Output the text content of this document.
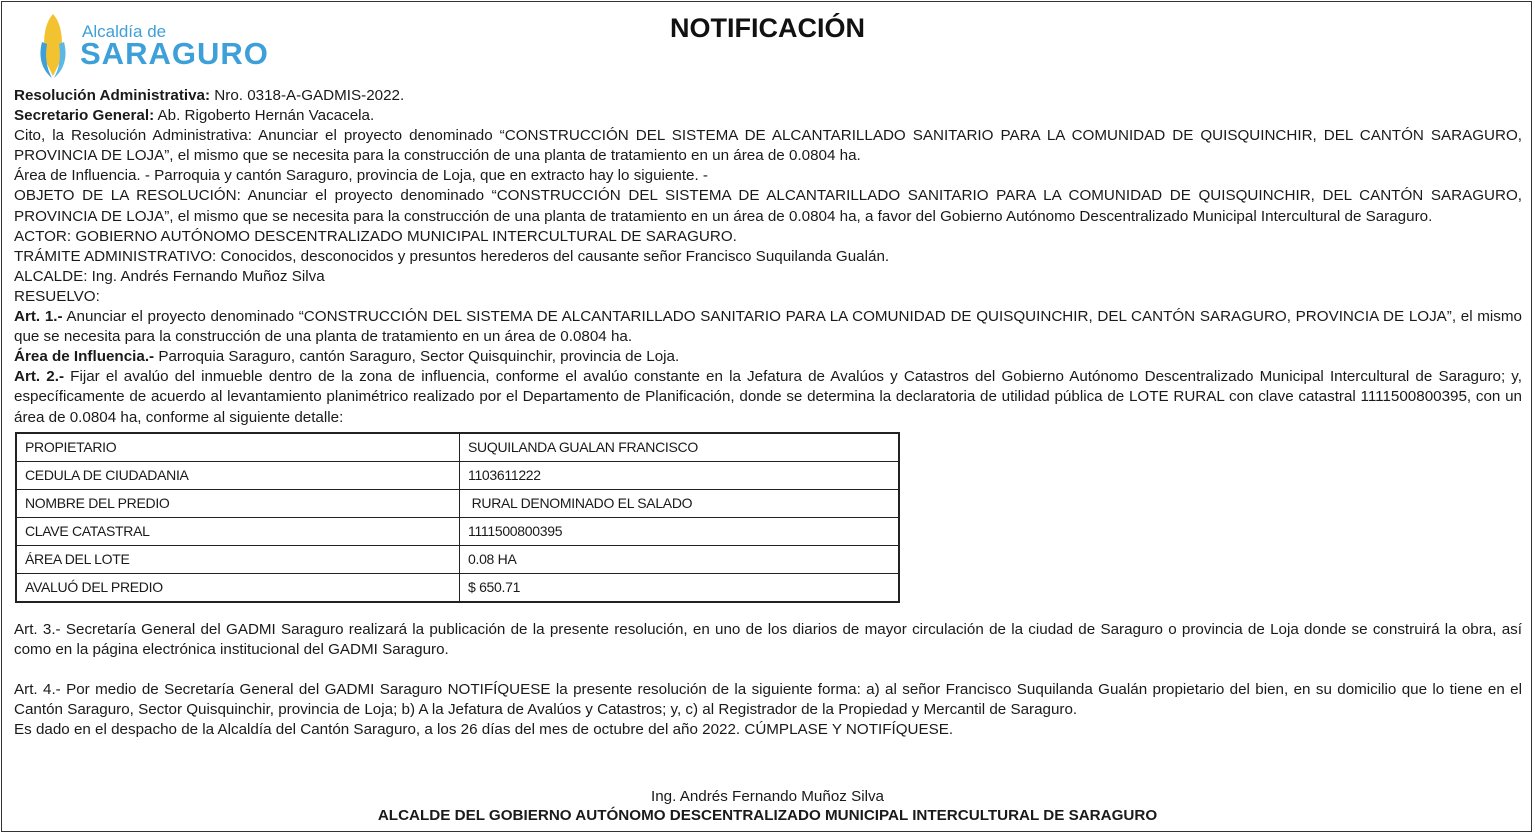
Alcaldía de
SARAGURO
NOTIFICACIÓN

Resolución Administrativa: Nro. 0318-A-GADMIS-2022.

Secretario General: Ab. Rigoberto Hernán Vacacela.

Cito, la Resolución Administrativa: Anunciar el proyecto denominado “CONSTRUCCIÓN DEL SISTEMA DE ALCANTARILLADO SANITARIO PARA LA COMUNIDAD DE QUISQUINCHIR, DEL CANTÓN SARAGURO, PROVINCIA DE LOJA”, el mismo que se necesita para la construcción de una planta de tratamiento en un área de 0.0804 ha.

Área de Influencia. - Parroquia y cantón Saraguro, provincia de Loja, que en extracto hay lo siguiente. -

OBJETO DE LA RESOLUCIÓN: Anunciar el proyecto denominado “CONSTRUCCIÓN DEL SISTEMA DE ALCANTARILLADO SANITARIO PARA LA COMUNIDAD DE QUISQUINCHIR, DEL CANTÓN SARAGURO, PROVINCIA DE LOJA”, el mismo que se necesita para la construcción de una planta de tratamiento en un área de 0.0804 ha, a favor del Gobierno Autónomo Descentralizado Municipal Intercultural de Saraguro.

ACTOR: GOBIERNO AUTÓNOMO DESCENTRALIZADO MUNICIPAL INTERCULTURAL DE SARAGURO.

TRÁMITE ADMINISTRATIVO: Conocidos, desconocidos y presuntos herederos del causante señor Francisco Suquilanda Gualán.

ALCALDE: Ing. Andrés Fernando Muñoz Silva

RESUELVO:

Art. 1.- Anunciar el proyecto denominado “CONSTRUCCIÓN DEL SISTEMA DE ALCANTARILLADO SANITARIO PARA LA COMUNIDAD DE QUISQUINCHIR, DEL CANTÓN SARAGURO, PROVINCIA DE LOJA”, el mismo que se necesita para la construcción de una planta de tratamiento en un área de 0.0804 ha.

Área de Influencia.- Parroquia Saraguro, cantón Saraguro, Sector Quisquinchir, provincia de Loja.

Art. 2.- Fijar el avalúo del inmueble dentro de la zona de influencia, conforme el avalúo constante en la Jefatura de Avalúos y Catastros del Gobierno Autónomo Descentralizado Municipal Intercultural de Saraguro; y, específicamente de acuerdo al levantamiento planimétrico realizado por el Departamento de Planificación, donde se determina la declaratoria de utilidad pública de LOTE RURAL con clave catastral 1111500800395, con un área de 0.0804 ha, conforme al siguiente detalle:

PROPIETARIO	SUQUILANDA GUALAN FRANCISCO
CEDULA DE CIUDADANIA	1103611222
NOMBRE DEL PREDIO	RURAL DENOMINADO EL SALADO
CLAVE CATASTRAL	1111500800395
ÁREA DEL LOTE	0.08 HA
AVALUÓ DEL PREDIO	$ 650.71

Art. 3.- Secretaría General del GADMI Saraguro realizará la publicación de la presente resolución, en uno de los diarios de mayor circulación de la ciudad de Saraguro o provincia de Loja donde se construirá la obra, así como en la página electrónica institucional del GADMI Saraguro.

Art. 4.- Por medio de Secretaría General del GADMI Saraguro NOTIFÍQUESE la presente resolución de la siguiente forma: a) al señor Francisco Suquilanda Gualán propietario del bien, en su domicilio que lo tiene en el Cantón Saraguro, Sector Quisquinchir, provincia de Loja; b) A la Jefatura de Avalúos y Catastros; y, c) al Registrador de la Propiedad y Mercantil de Saraguro.

Es dado en el despacho de la Alcaldía del Cantón Saraguro, a los 26 días del mes de octubre del año 2022. CÚMPLASE Y NOTIFÍQUESE.

Ing. Andrés Fernando Muñoz Silva
ALCALDE DEL GOBIERNO AUTÓNOMO DESCENTRALIZADO MUNICIPAL INTERCULTURAL DE SARAGURO
